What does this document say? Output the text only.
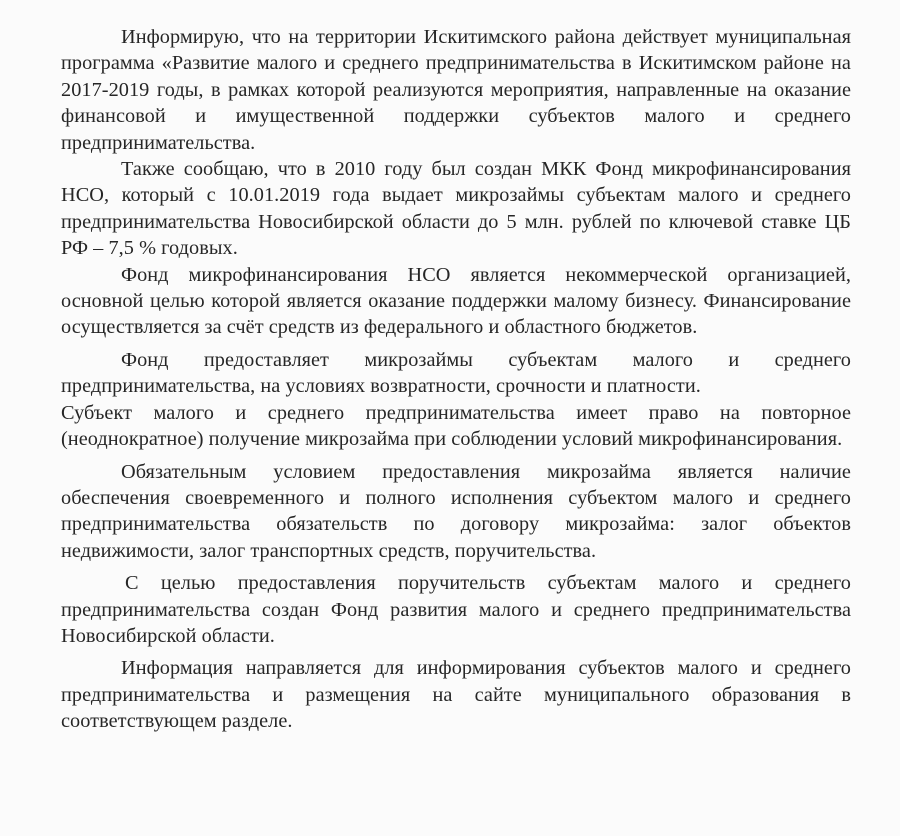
Информирую, что на территории Искитимского района действует муниципальная программа «Развитие малого и среднего предпринимательства в Искитимском районе на 2017-2019 годы, в рамках которой реализуются мероприятия, направленные на оказание финансовой и имущественной поддержки субъектов малого и среднего предпринимательства.

Также сообщаю, что в 2010 году был создан МКК Фонд микрофинансирования НСО, который с 10.01.2019 года выдает микрозаймы субъектам малого и среднего предпринимательства Новосибирской области до 5 млн. рублей по ключевой ставке ЦБ РФ – 7,5 % годовых.

Фонд микрофинансирования НСО является некоммерческой организацией, основной целью которой является оказание поддержки малому бизнесу. Финансирование осуществляется за счёт средств из федерального и областного бюджетов.

Фонд предоставляет микрозаймы субъектам малого и среднего предпринимательства, на условиях возвратности, срочности и платности.

Субъект малого и среднего предпринимательства имеет право на повторное (неоднократное) получение микрозайма при соблюдении условий микрофинансирования.

Обязательным условием предоставления микрозайма является наличие обеспечения своевременного и полного исполнения субъектом малого и среднего предпринимательства обязательств по договору микрозайма: залог объектов недвижимости, залог транспортных средств, поручительства.

С целью предоставления поручительств субъектам малого и среднего предпринимательства создан Фонд развития малого и среднего предпринимательства Новосибирской области.

Информация направляется для информирования субъектов малого и среднего предпринимательства и размещения на сайте муниципального образования в соответствующем разделе.
